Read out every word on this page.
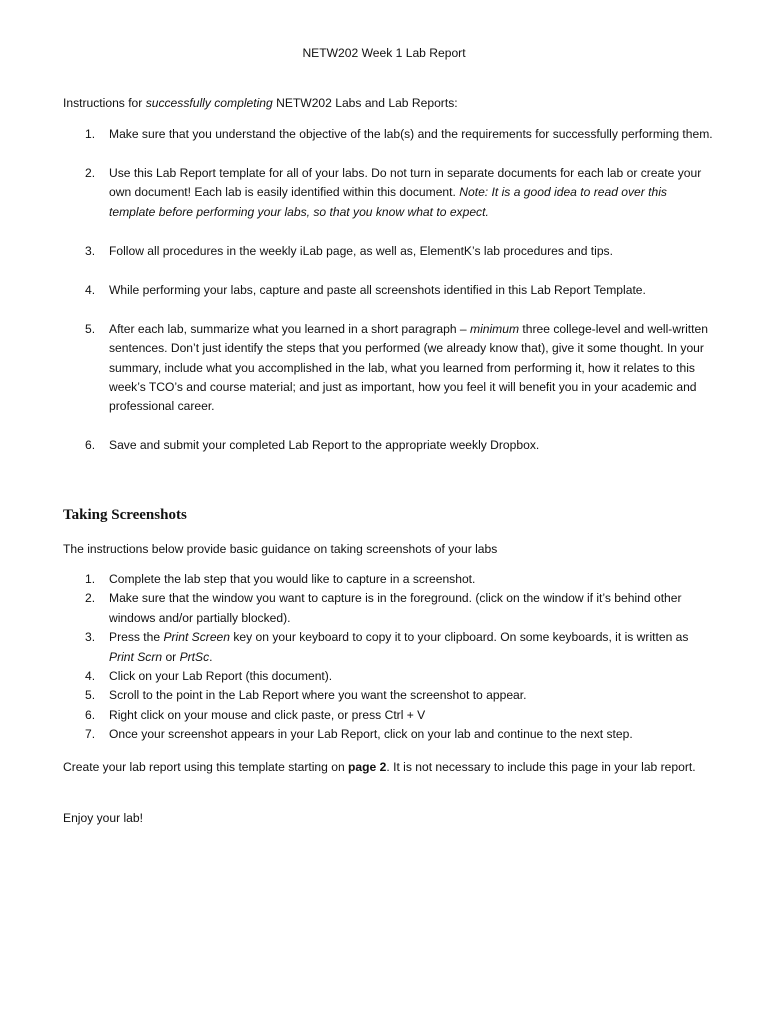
NETW202 Week 1 Lab Report
Instructions for successfully completing NETW202 Labs and Lab Reports:
1. Make sure that you understand the objective of the lab(s) and the requirements for successfully performing them.
2. Use this Lab Report template for all of your labs. Do not turn in separate documents for each lab or create your own document! Each lab is easily identified within this document. Note: It is a good idea to read over this template before performing your labs, so that you know what to expect.
3. Follow all procedures in the weekly iLab page, as well as, ElementK’s lab procedures and tips.
4. While performing your labs, capture and paste all screenshots identified in this Lab Report Template.
5. After each lab, summarize what you learned in a short paragraph – minimum three college-level and well-written sentences. Don’t just identify the steps that you performed (we already know that), give it some thought. In your summary, include what you accomplished in the lab, what you learned from performing it, how it relates to this week’s TCO’s and course material; and just as important, how you feel it will benefit you in your academic and professional career.
6. Save and submit your completed Lab Report to the appropriate weekly Dropbox.
Taking Screenshots

The instructions below provide basic guidance on taking screenshots of your labs

1. Complete the lab step that you would like to capture in a screenshot.
2. Make sure that the window you want to capture is in the foreground. (click on the window if it’s behind other windows and/or partially blocked).
3. Press the Print Screen key on your keyboard to copy it to your clipboard. On some keyboards, it is written as Print Scrn or PrtSc.
4. Click on your Lab Report (this document).
5. Scroll to the point in the Lab Report where you want the screenshot to appear.
6. Right click on your mouse and click paste, or press Ctrl + V
7. Once your screenshot appears in your Lab Report, click on your lab and continue to the next step.

Create your lab report using this template starting on page 2. It is not necessary to include this page in your lab report.

Enjoy your lab!
